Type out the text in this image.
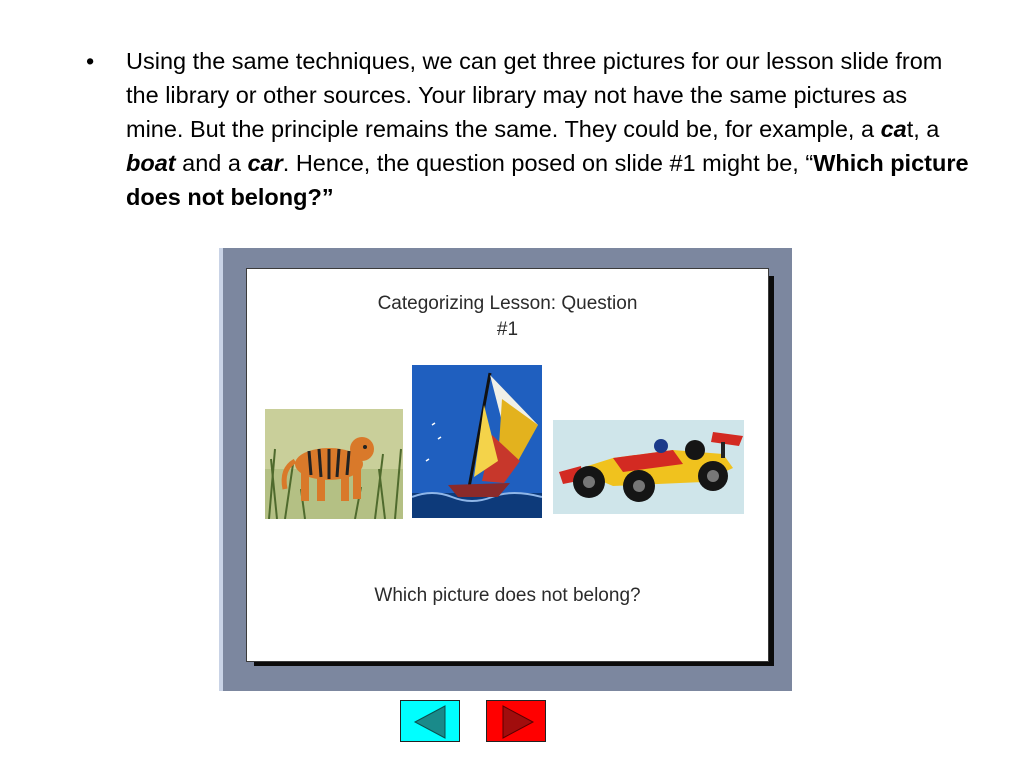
• Using the same techniques, we can get three pictures for our lesson slide from the library or other sources. Your library may not have the same pictures as mine. But the principle remains the same. They could be, for example, a cat, a boat and a car. Hence, the question posed on slide #1 might be, “Which picture does not belong?”
Categorizing Lesson: Question
#1
Which picture does not belong?
